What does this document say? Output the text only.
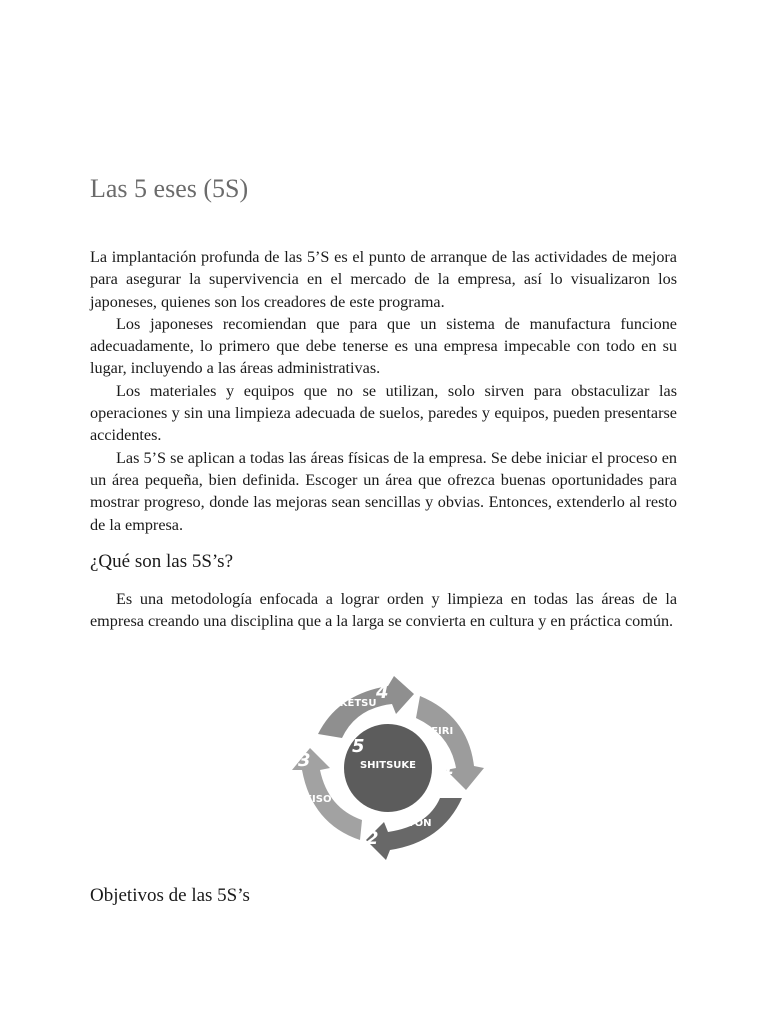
Las 5 eses (5S)

La implantación profunda de las 5’S es el punto de arranque de las actividades de mejora para asegurar la supervivencia en el mercado de la empresa, así lo visualizaron los japoneses, quienes son los creadores de este programa.

Los japoneses recomiendan que para que un sistema de manufactura funcione adecuadamente, lo primero que debe tenerse es una empresa impecable con todo en su lugar, incluyendo a las áreas administrativas.

Los materiales y equipos que no se utilizan, solo sirven para obstaculizar las operaciones y sin una limpieza adecuada de suelos, paredes y equipos, pueden presentarse accidentes.

Las 5’S se aplican a todas las áreas físicas de la empresa. Se debe iniciar el proceso en un área pequeña, bien definida. Escoger un área que ofrezca buenas oportunidades para mostrar progreso, donde las mejoras sean sencillas y obvias. Entonces, extenderlo al resto de la empresa.

¿Qué son las 5S’s?

Es una metodología enfocada a lograr orden y limpieza en todas las áreas de la empresa creando una disciplina que a la larga se convierta en cultura y en práctica común.

5
SHITSUKE
SEIKETSU
4
SEIRI
1
SEITON
2
SEISO
3
Objetivos de las 5S’s
